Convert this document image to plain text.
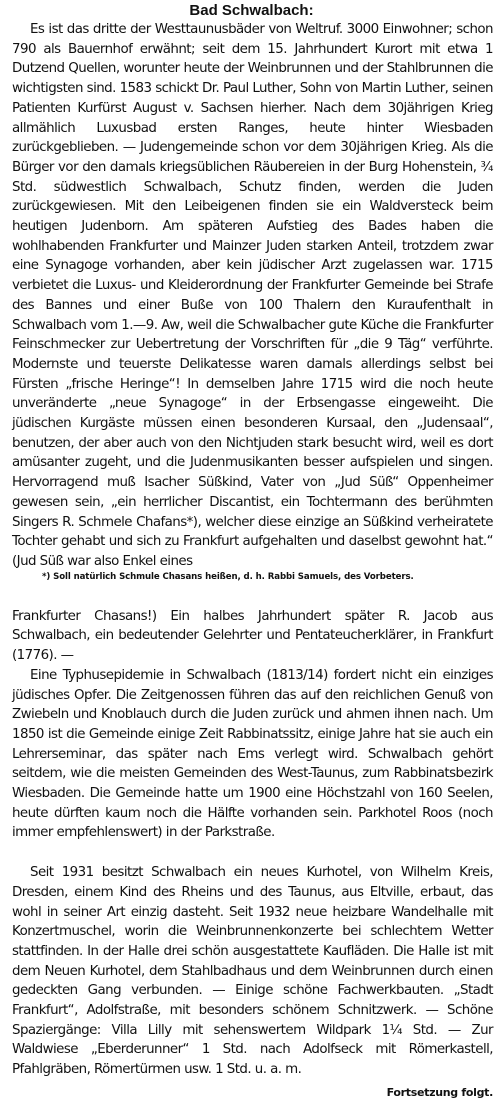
Bad Schwalbach:

Es ist das dritte der Westtaunusbäder von Weltruf. 3000 Einwohner; schon 790 als Bauernhof erwähnt; seit dem 15. Jahrhundert Kurort mit etwa 1 Dutzend Quellen, worunter heute der Weinbrunnen und der Stahlbrunnen die wichtigsten sind. 1583 schickt Dr. Paul Luther, Sohn von Martin Luther, seinen Patienten Kurfürst August v. Sachsen hierher. Nach dem 30jährigen Krieg allmählich Luxusbad ersten Ranges, heute hinter Wiesbaden zurückgeblieben. — Judengemeinde schon vor dem 30jährigen Krieg. Als die Bürger vor den damals kriegsüblichen Räubereien in der Burg Hohenstein, ¾ Std. südwestlich Schwalbach, Schutz finden, werden die Juden zurückgewiesen. Mit den Leibeigenen finden sie ein Waldversteck beim heutigen Judenborn. Am späteren Aufstieg des Bades haben die wohlhabenden Frankfurter und Mainzer Juden starken Anteil, trotzdem zwar eine Synagoge vorhanden, aber kein jüdischer Arzt zugelassen war. 1715 verbietet die Luxus- und Kleiderordnung der Frankfurter Gemeinde bei Strafe des Bannes und einer Buße von 100 Thalern den Kuraufenthalt in Schwalbach vom 1.—9. Aw, weil die Schwalbacher gute Küche die Frankfurter Feinschmecker zur Uebertretung der Vorschriften für „die 9 Täg“ verführte. Modernste und teuerste Delikatesse waren damals allerdings selbst bei Fürsten „frische Heringe“! In demselben Jahre 1715 wird die noch heute unveränderte „neue Synagoge“ in der Erbsengasse eingeweiht. Die jüdischen Kurgäste müssen einen besonderen Kursaal, den „Judensaal“, benutzen, der aber auch von den Nichtjuden stark besucht wird, weil es dort amüsanter zugeht, und die Judenmusikanten besser aufspielen und singen. Hervorragend muß Isacher Süßkind, Vater von „Jud Süß“ Oppenheimer gewesen sein, „ein herrlicher Discantist, ein Tochtermann des berühmten Singers R. Schmele Chafans*), welcher diese einzige an Süßkind verheiratete Tochter gehabt und sich zu Frankfurt aufgehalten und daselbst gewohnt hat.“ (Jud Süß war also Enkel eines

*) Soll natürlich Schmule Chasans heißen, d. h. Rabbi Samuels, des Vorbeters.

Frankfurter Chasans!) Ein halbes Jahrhundert später R. Jacob aus Schwalbach, ein bedeutender Gelehrter und Pentateucherklärer, in Frankfurt (1776). —

Eine Typhusepidemie in Schwalbach (1813/14) fordert nicht ein einziges jüdisches Opfer. Die Zeitgenossen führen das auf den reichlichen Genuß von Zwiebeln und Knoblauch durch die Juden zurück und ahmen ihnen nach. Um 1850 ist die Gemeinde einige Zeit Rabbinatssitz, einige Jahre hat sie auch ein Lehrerseminar, das später nach Ems verlegt wird. Schwalbach gehört seitdem, wie die meisten Gemeinden des West-Taunus, zum Rabbinatsbezirk Wiesbaden. Die Gemeinde hatte um 1900 eine Höchstzahl von 160 Seelen, heute dürften kaum noch die Hälfte vorhanden sein. Parkhotel Roos (noch immer empfehlenswert) in der Parkstraße.

Seit 1931 besitzt Schwalbach ein neues Kurhotel, von Wilhelm Kreis, Dresden, einem Kind des Rheins und des Taunus, aus Eltville, erbaut, das wohl in seiner Art einzig dasteht. Seit 1932 neue heizbare Wandelhalle mit Konzertmuschel, worin die Weinbrunnenkonzerte bei schlechtem Wetter stattfinden. In der Halle drei schön ausgestattete Kaufläden. Die Halle ist mit dem Neuen Kurhotel, dem Stahlbadhaus und dem Weinbrunnen durch einen gedeckten Gang verbunden. — Einige schöne Fachwerkbauten. „Stadt Frankfurt“, Adolfstraße, mit besonders schönem Schnitzwerk. — Schöne Spaziergänge: Villa Lilly mit sehenswertem Wildpark 1¼ Std. — Zur Waldwiese „Eberderunner“ 1 Std. nach Adolfseck mit Römerkastell, Pfahlgräben, Römertürmen usw. 1 Std. u. a. m.

Fortsetzung folgt.
